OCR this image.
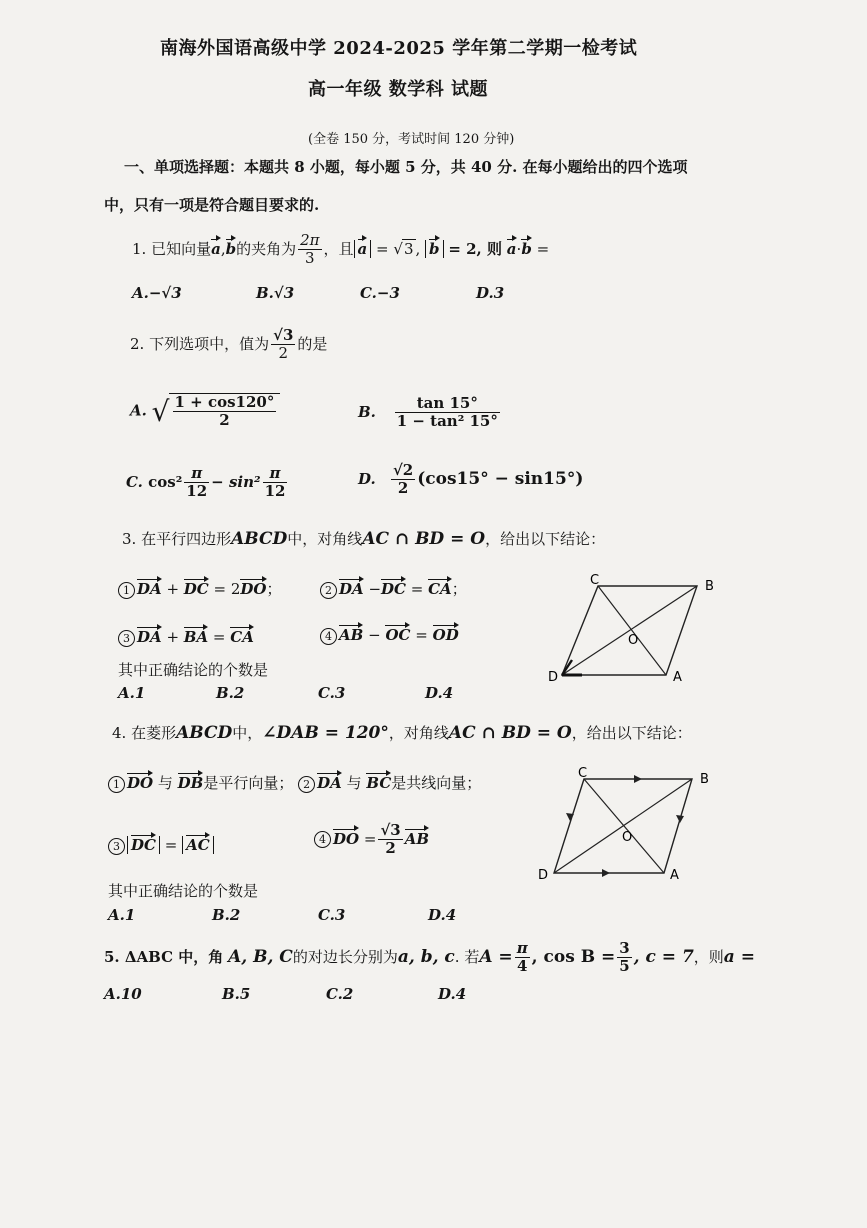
南海外国语高级中学 2024-2025 学年第二学期一检考试
高一年级 数学科 试题
(全卷 150 分，考试时间 120 分钟)
一、单项选择题：本题共 8 小题，每小题 5 分，共 40 分. 在每小题给出的四个选项
中，只有一项是符合题目要求的.
1. 已知向量a,b的夹角为 $\frac{2\pi}{3}$ ，且 a = √3 , b = 2, 则 a·b =
A.−√3	B.√3	C.−3	D.3
2. 下列选项中，值为 $\frac{√3}{2}$ 的是
A. √ $\frac{1 + \cos 120^\circ}{2}$	B. $\frac{\tan 15^\circ}{\text{1 − tan² 15°}}$
C. $\cos^2 \frac{\pi}{12} - \sin^2 \frac{\pi}{12}$	D. $\frac{√2}{2} (\cos 15^\circ - \sin 15^\circ)$
3. 在平行四边形ABCD中，对角线AC ∩ BD = O，给出以下结论：
1 DA + DC = 2DO；	2 DA −DC = CA；
3 DA + BA = CA	4 AB − OC = OD
其中正确结论的个数是
A.1	B.2	C.3	D.4
C	B
O
D	A
4. 在菱形ABCD中，∠DAB = 120°，对角线AC ∩ BD = O，给出以下结论：
1 DO 与 DB是平行向量； 2 DA 与 BC是共线向量；
3 DC = AC	4 DO = $\frac{√3}{2}$ AB
其中正确结论的个数是
A.1	B.2	C.3	D.4
C	B
O
D	A
5. ΔABC 中，角 A, B, C的对边长分别为a, b, c. 若$A = \frac{\pi}{4}$ , $\cos B = \frac{3}{5}$ , c = 7，则a =
A.10	B.5	C.2	D.4
